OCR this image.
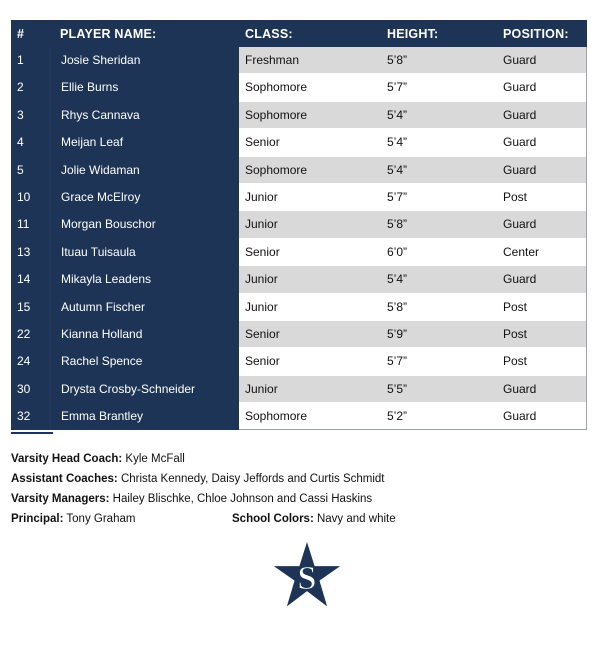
#	PLAYER NAME:	CLASS:	HEIGHT:	POSITION:
1	Josie Sheridan	Freshman	5’8”	Guard
2	Ellie Burns	Sophomore	5’7”	Guard
3	Rhys Cannava	Sophomore	5’4”	Guard
4	Meijan Leaf	Senior	5’4”	Guard
5	Jolie Widaman	Sophomore	5’4”	Guard
10	Grace McElroy	Junior	5’7”	Post
11	Morgan Bouschor	Junior	5’8”	Guard
13	Ituau Tuisaula	Senior	6’0”	Center
14	Mikayla Leadens	Junior	5’4”	Guard
15	Autumn Fischer	Junior	5’8”	Post
22	Kianna Holland	Senior	5’9”	Post
24	Rachel Spence	Senior	5’7”	Post
30	Drysta Crosby-Schneider	Junior	5’5”	Guard
32	Emma Brantley	Sophomore	5’2”	Guard
Varsity Head Coach: Kyle McFall
Assistant Coaches: Christa Kennedy, Daisy Jeffords and Curtis Schmidt
Varsity Managers: Hailey Blischke, Chloe Johnson and Cassi Haskins
Principal: Tony Graham	School Colors: Navy and white
S
